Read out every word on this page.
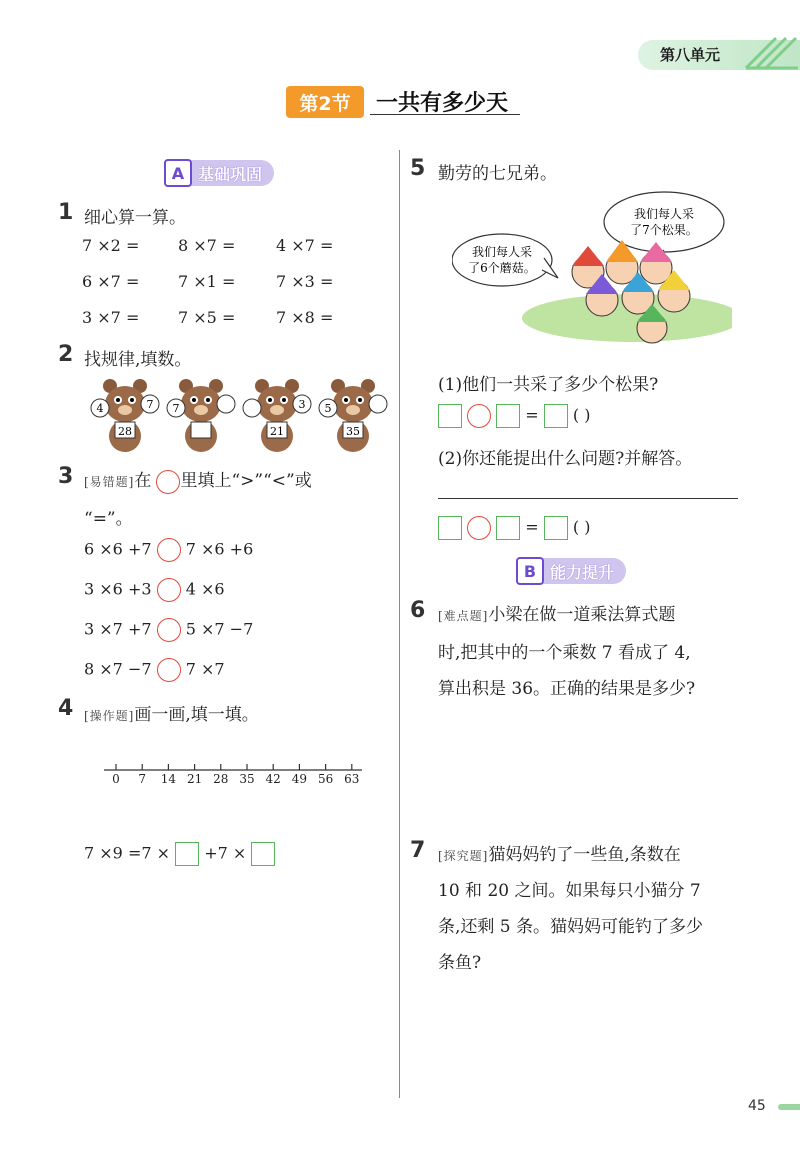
第八单元
第2节	一共有多少天
A 基础巩固
1 细心算一算。
7 ×2 = 8 ×7 =	4 ×7 =
6 ×7 = 7 ×1 =	7 ×3 =
3 ×7 = 7 ×5 =	7 ×8 =
2 找规律,填数。
4	7
28
7	3
21
5
35
3 [易错题]在 里填上“>”“<”或
“=”。
6 ×6 +7 7 ×6 +6
3 ×6 +3 4 ×6
3 ×7 +7 5 ×7 −7
8 ×7 −7 7 ×7
4 [操作题]画一画,填一填。
0	7	14 21 28 35 42 49 56 63
7 ×9 =7 × +7 ×
5 勤劳的七兄弟。
我们每人采
了7个松果。
我们每人采
了6个蘑菇。
(1)他们一共采了多少个松果?
= ( )
(2)你还能提出什么问题?并解答。
= ( )
B 能力提升
6 [难点题]小梁在做一道乘法算式题
时,把其中的一个乘数 7 看成了 4,
算出积是 36。正确的结果是多少?
7 [探究题]猫妈妈钓了一些鱼,条数在
10 和 20 之间。如果每只小猫分 7
条,还剩 5 条。猫妈妈可能钓了多少
条鱼?
45
